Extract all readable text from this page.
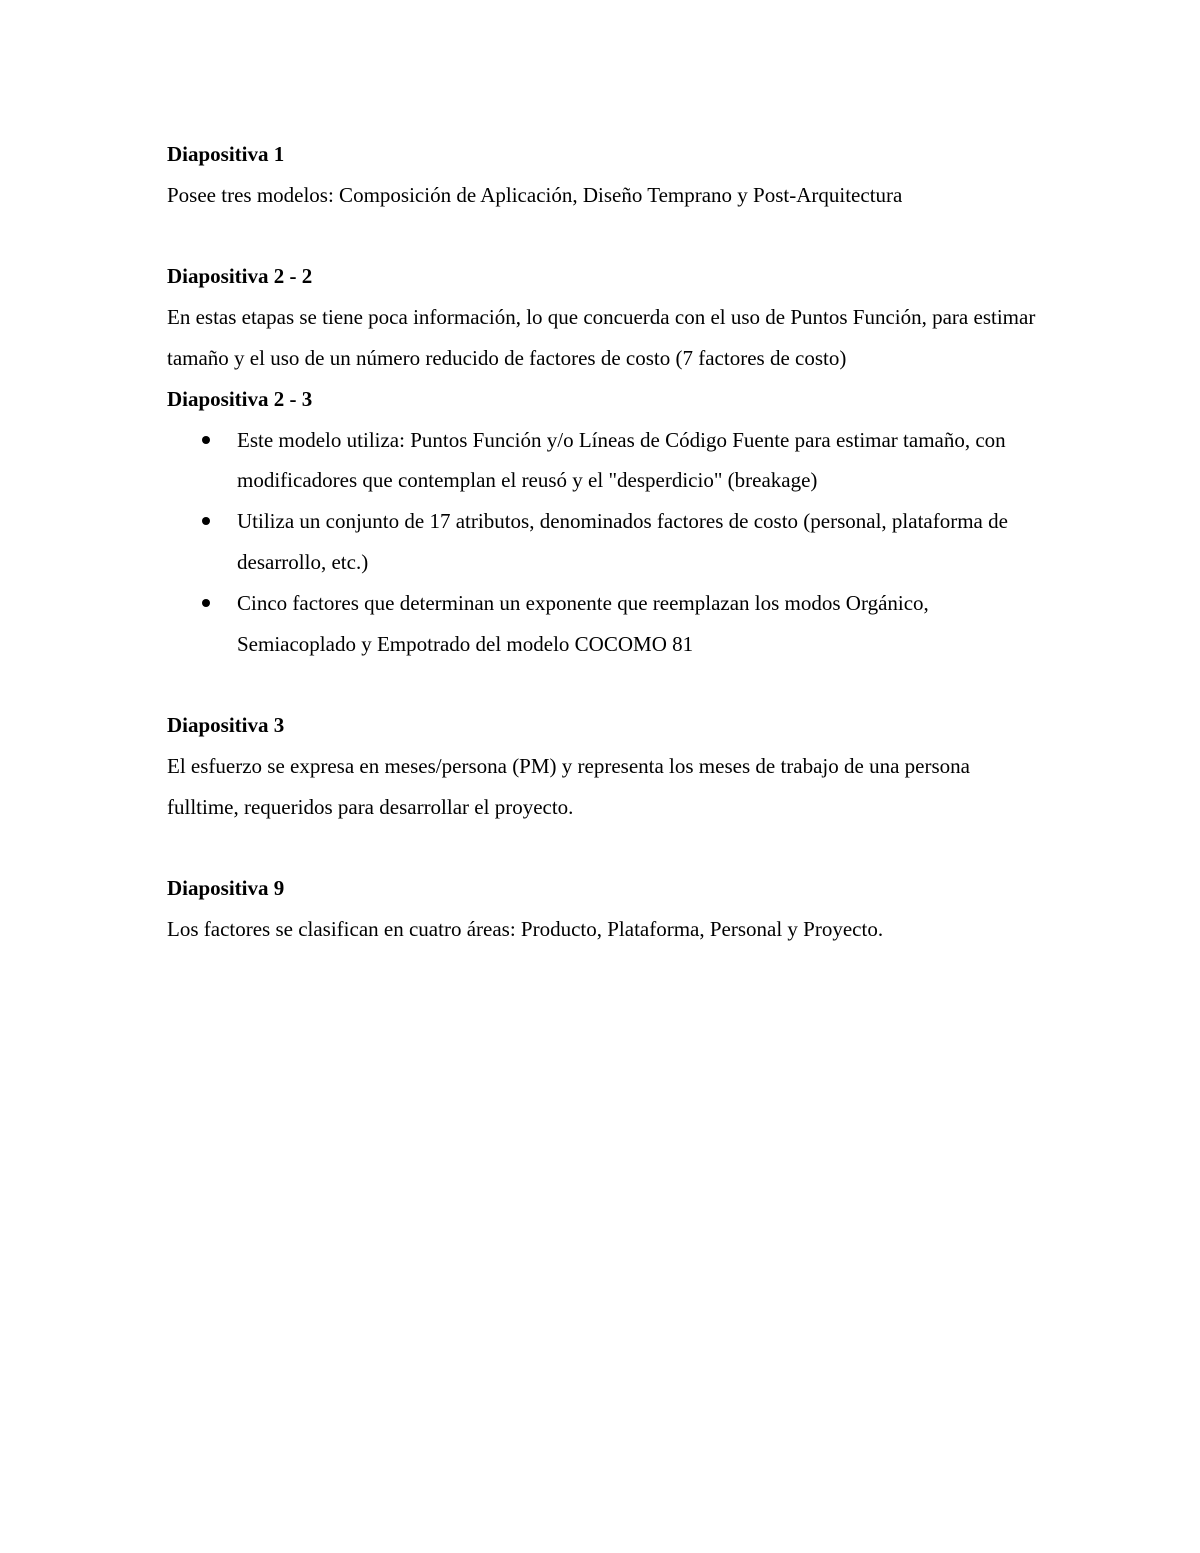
Diapositiva 1

Posee tres modelos: Composición de Aplicación, Diseño Temprano y Post-Arquitectura

Diapositiva 2 - 2

En estas etapas se tiene poca información, lo que concuerda con el uso de Puntos Función, para estimar tamaño y el uso de un número reducido de factores de costo (7 factores de costo)

Diapositiva 2 - 3

Este modelo utiliza: Puntos Función y/o Líneas de Código Fuente para estimar tamaño, con modificadores que contemplan el reusó y el "desperdicio" (breakage)
Utiliza un conjunto de 17 atributos, denominados factores de costo (personal, plataforma de desarrollo, etc.)
Cinco factores que determinan un exponente que reemplazan los modos Orgánico, Semiacoplado y Empotrado del modelo COCOMO 81

Diapositiva 3

El esfuerzo se expresa en meses/persona (PM) y representa los meses de trabajo de una persona fulltime, requeridos para desarrollar el proyecto.

Diapositiva 9

Los factores se clasifican en cuatro áreas: Producto, Plataforma, Personal y Proyecto.
